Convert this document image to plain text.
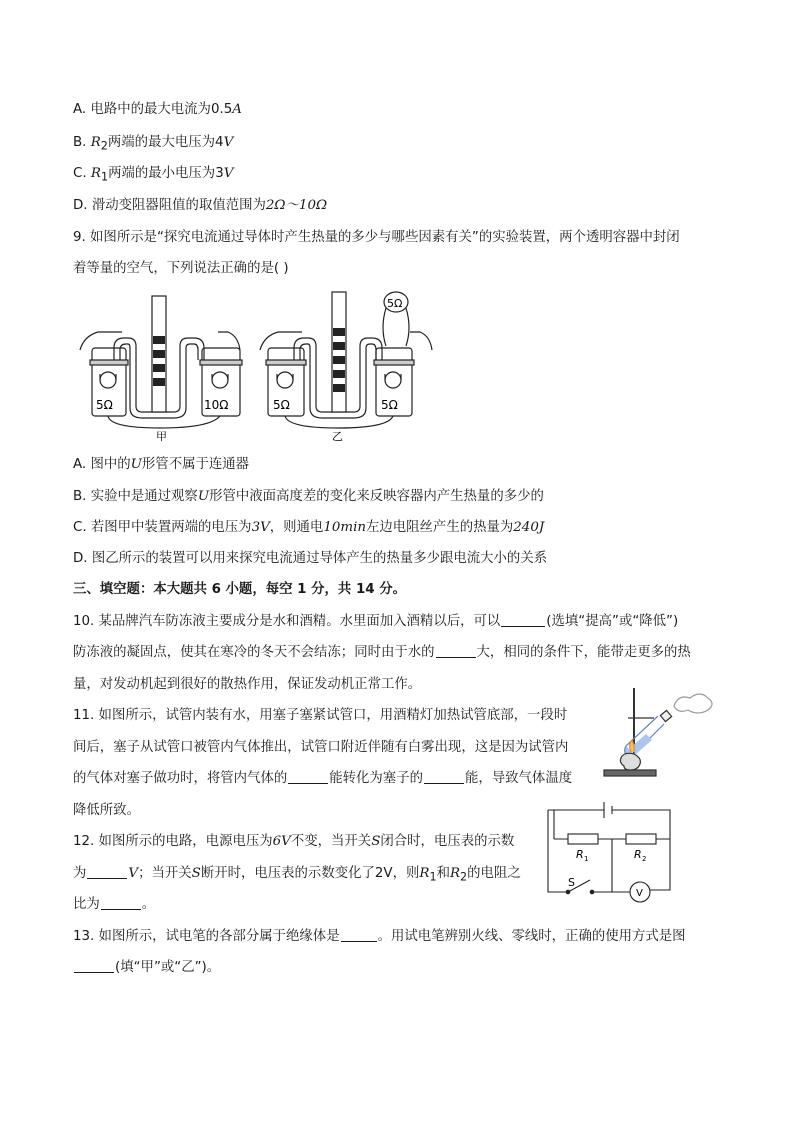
A. 电路中的最大电流为0.5A
B. $R_2$两端的最大电压为4V
C. $R_1$两端的最小电压为3V
D. 滑动变阻器阻值的取值范围为2Ω～10Ω
9. 如图所示是“探究电流通过导体时产生热量的多少与哪些因素有关”的实验装置，两个透明容器中封闭
着等量的空气，下列说法正确的是( )
5Ω	10Ω
甲
5Ω	5Ω
5Ω
乙
A. 图中的U形管不属于连通器
B. 实验中是通过观察U形管中液面高度差的变化来反映容器内产生热量的多少的
C. 若图甲中装置两端的电压为3V，则通电10min左边电阻丝产生的热量为240J
D. 图乙所示的装置可以用来探究电流通过导体产生的热量多少跟电流大小的关系
三、填空题：本大题共 6 小题，每空 1 分，共 14 分。
10. 某品牌汽车防冻液主要成分是水和酒精。水里面加入酒精以后，可以	(选填“提高”或“降低”)
防冻液的凝固点，使其在寒冷的冬天不会结冻；同时由于水的	大，相同的条件下，能带走更多的热
量，对发动机起到很好的散热作用，保证发动机正常工作。
11. 如图所示，试管内装有水，用塞子塞紧试管口，用酒精灯加热试管底部，一段时
间后，塞子从试管口被管内气体推出，试管口附近伴随有白雾出现，这是因为试管内
的气体对塞子做功时，将管内气体的	能转化为塞子的	能，导致气体温度
降低所致。
12. 如图所示的电路，电源电压为6V不变，当开关S闭合时，电压表的示数
为	V；当开关S断开时，电压表的示数变化了2V，则$R_1$和$R_2$的电阻之
比为	。
R 1	R 2
S
V
13. 如图所示，试电笔的各部分属于绝缘体是	。用试电笔辨别火线、零线时，正确的使用方式是图
(填“甲”或“乙”)。
